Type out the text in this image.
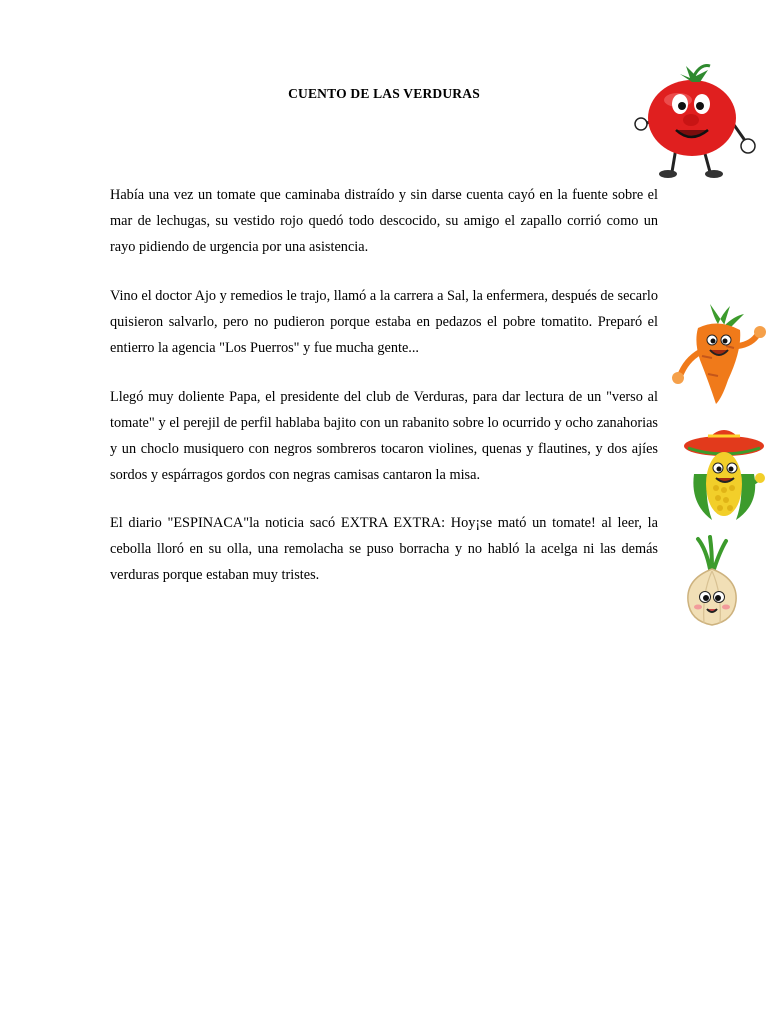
CUENTO DE LAS VERDURAS

Había una vez un tomate que caminaba distraído y sin darse cuenta cayó en la fuente sobre el mar de lechugas, su vestido rojo quedó todo descocido, su amigo el zapallo corrió como un rayo pidiendo de urgencia por una asistencia.

Vino el doctor Ajo y remedios le trajo, llamó a la carrera a Sal, la enfermera, después de secarlo quisieron salvarlo, pero no pudieron porque estaba en pedazos el pobre tomatito. Preparó el entierro la agencia "Los Puerros" y fue mucha gente...

Llegó muy doliente Papa, el presidente del club de Verduras, para dar lectura de un "verso al tomate" y el perejil de perfil hablaba bajito con un rabanito sobre lo ocurrido y ocho zanahorias y un choclo musiquero con negros sombreros tocaron violines, quenas y flautines, y dos ajíes sordos y espárragos gordos con negras camisas cantaron la misa.

El diario "ESPINACA"la noticia sacó EXTRA EXTRA: Hoy¡se mató un tomate! al leer, la cebolla lloró en su olla, una remolacha se puso borracha y no habló la acelga ni las demás verduras porque estaban muy tristes.
